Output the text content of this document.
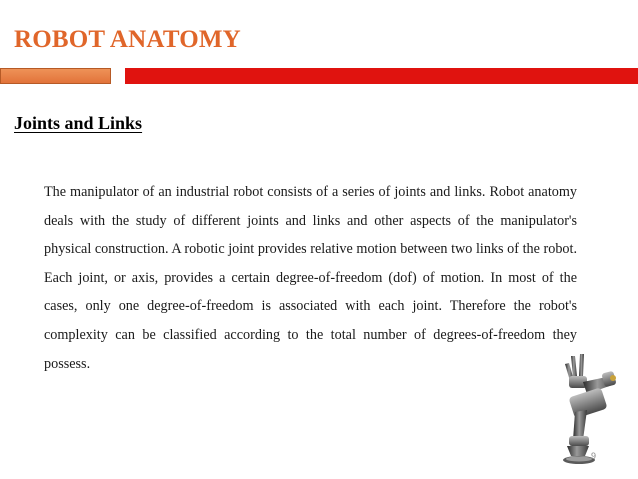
ROBOT ANATOMY
Joints and Links

The manipulator of an industrial robot consists of a series of joints and links. Robot anatomy deals with the study of different joints and links and other aspects of the manipulator's physical construction. A robotic joint provides relative motion between two links of the robot. Each joint, or axis, provides a certain degree-of-freedom (dof) of motion. In most of the cases, only one degree-of-freedom is associated with each joint. Therefore the robot's complexity can be classified according to the total number of degrees-of-freedom they possess.

9
